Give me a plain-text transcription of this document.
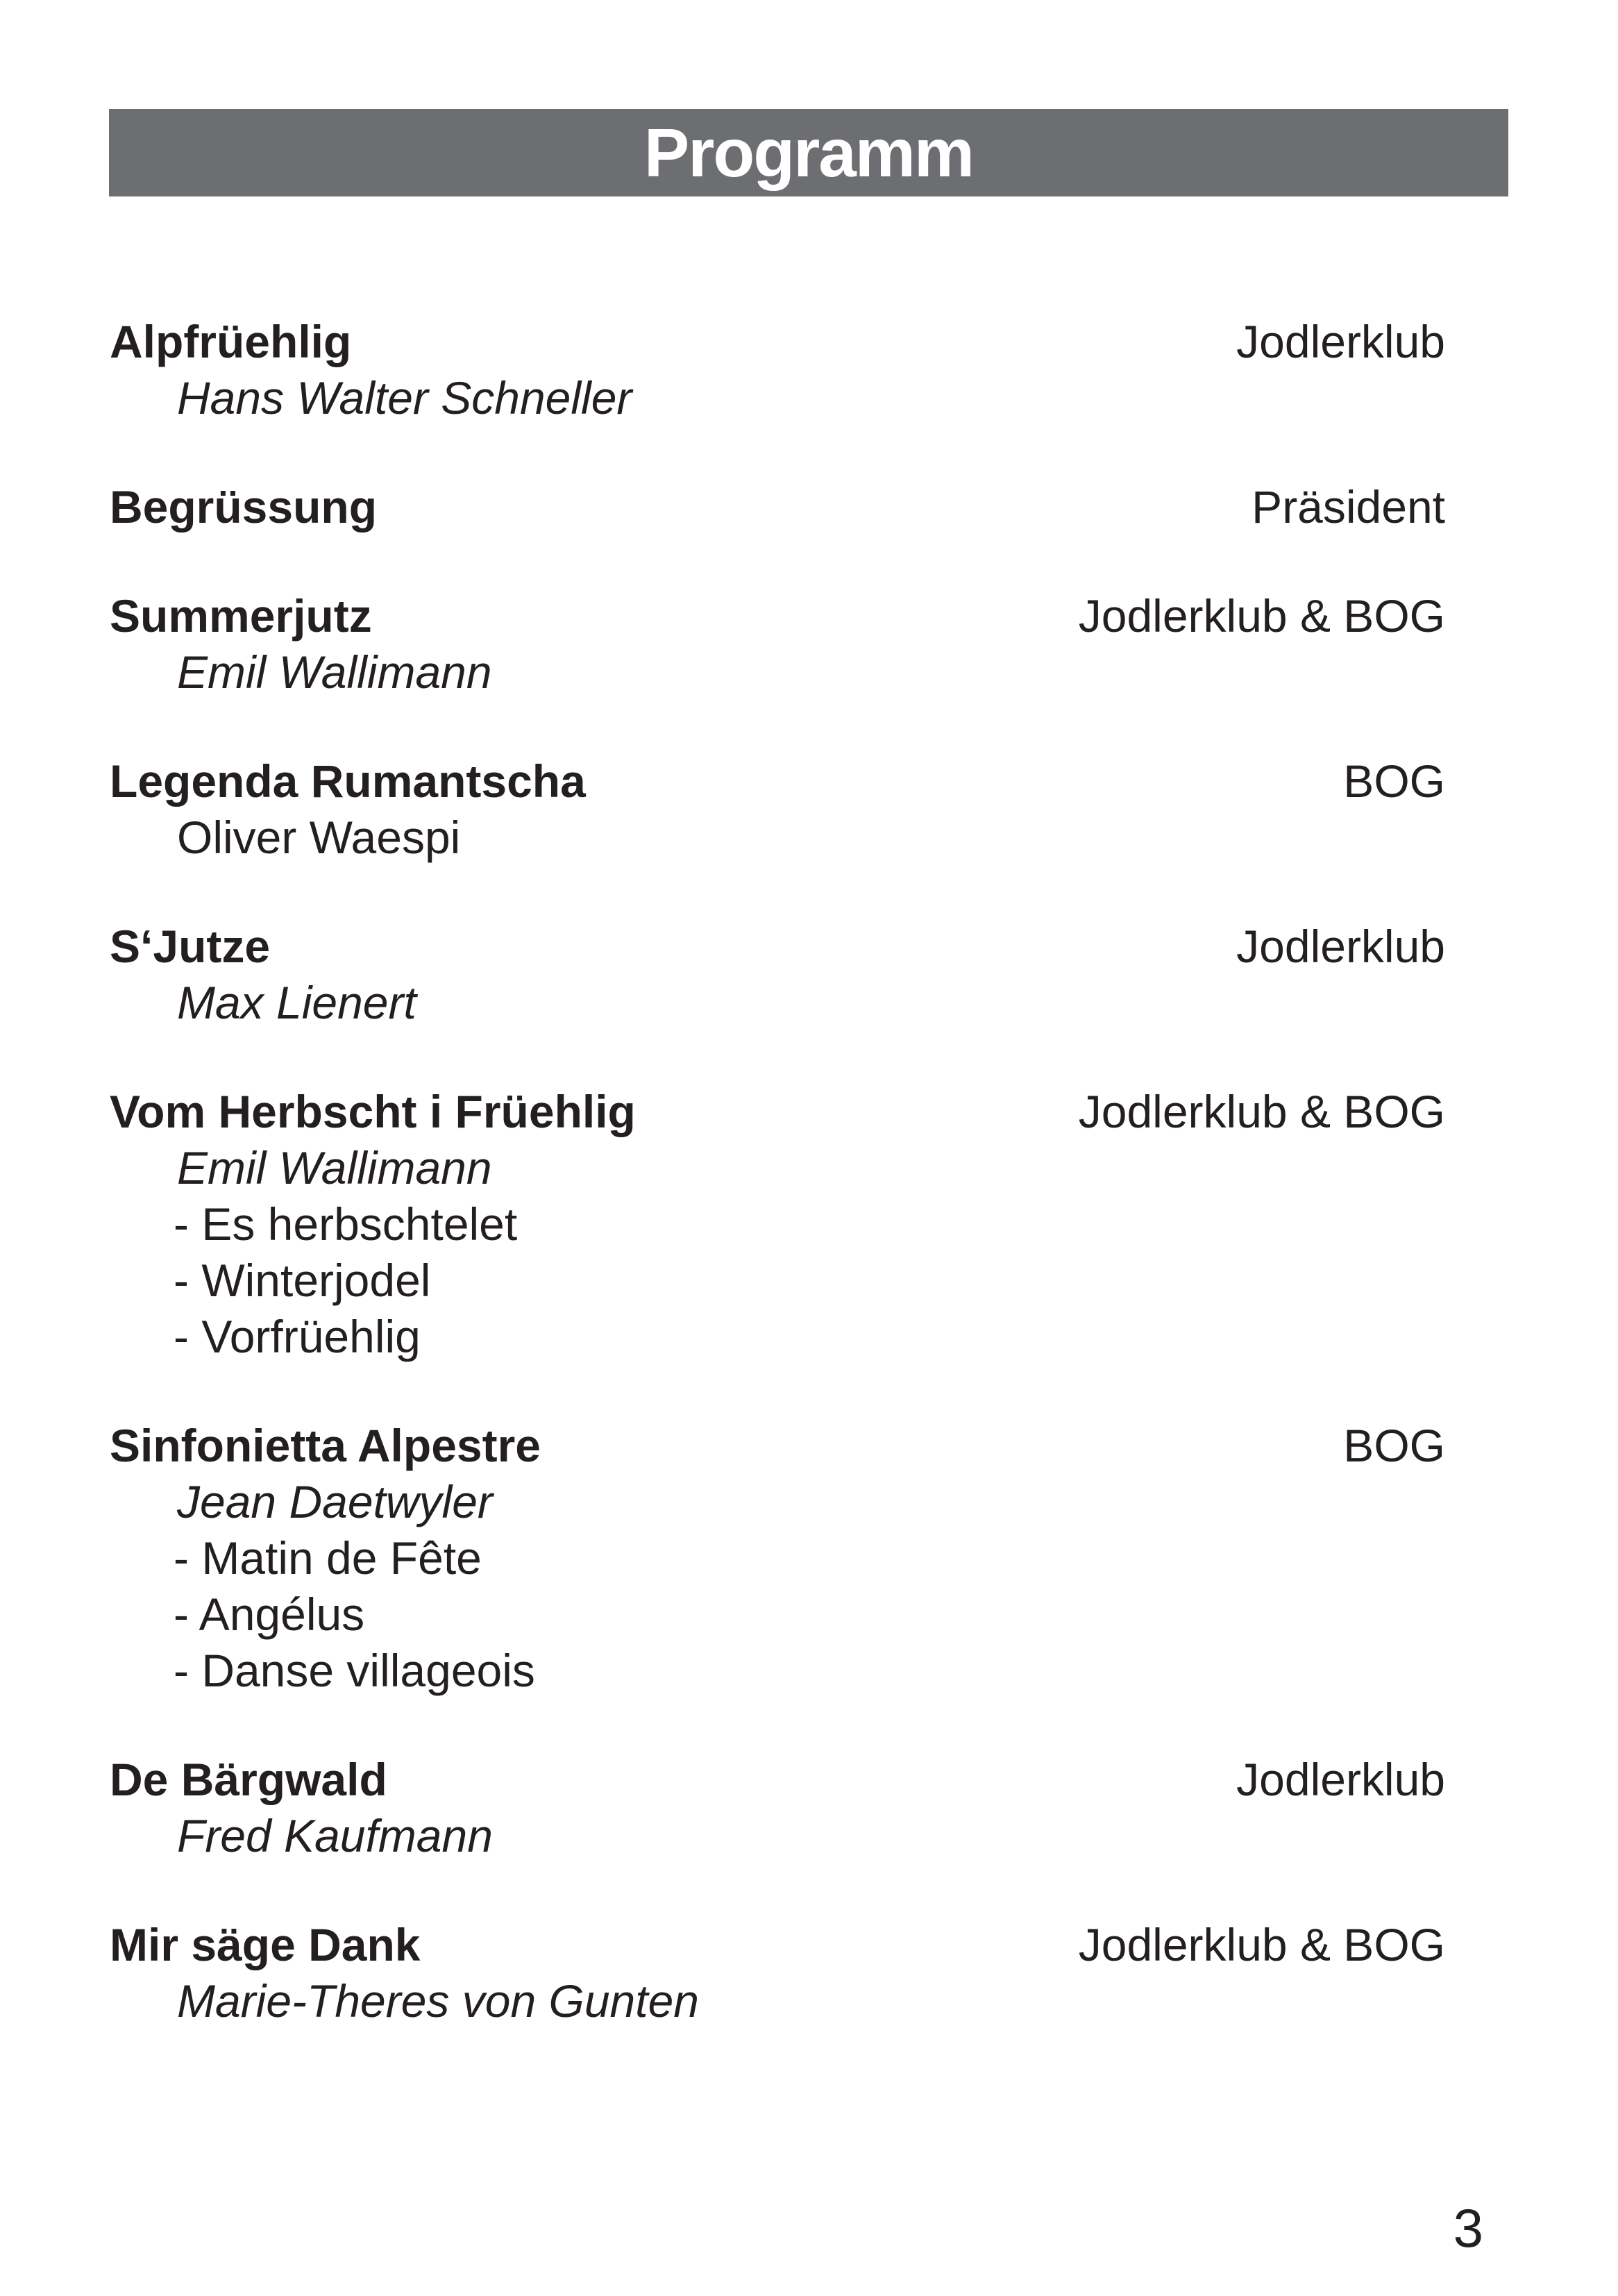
Programm
Alpfrüehlig	Jodlerklub
Hans Walter Schneller
Begrüssung	Präsident
Summerjutz	Jodlerklub & BOG
Emil Wallimann
Legenda Rumantscha	BOG
Oliver Waespi
S‘Jutze	Jodlerklub
Max Lienert
Vom Herbscht i Früehlig	Jodlerklub & BOG
Emil Wallimann
- Es herbschtelet
- Winterjodel
- Vorfrüehlig
Sinfonietta Alpestre	BOG
Jean Daetwyler
- Matin de Fête
- Angélus
- Danse villageois
De Bärgwald	Jodlerklub
Fred Kaufmann
Mir säge Dank	Jodlerklub & BOG
Marie-Theres von Gunten
3
